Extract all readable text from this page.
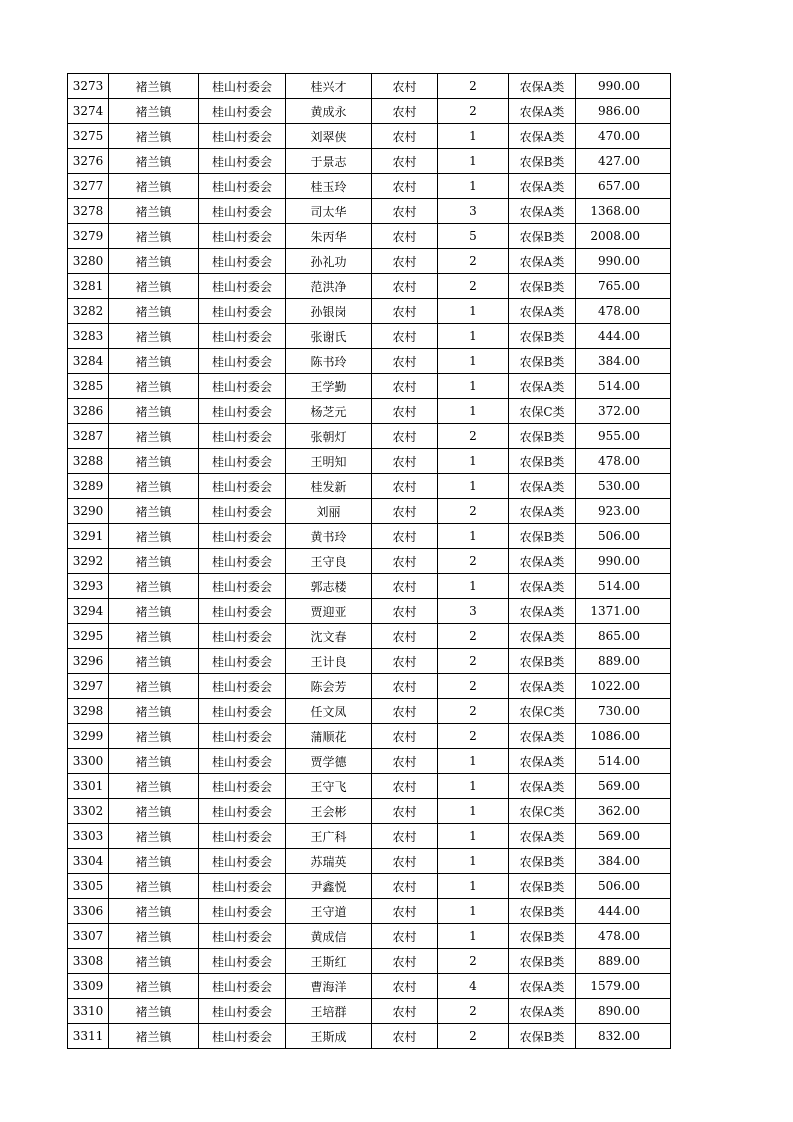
3273	褚兰镇	桂山村委会	桂兴才	农村	2	农保A类	990.00
3274	褚兰镇	桂山村委会	黄成永	农村	2	农保A类	986.00
3275	褚兰镇	桂山村委会	刘翠侠	农村	1	农保A类	470.00
3276	褚兰镇	桂山村委会	于景志	农村	1	农保B类	427.00
3277	褚兰镇	桂山村委会	桂玉玲	农村	1	农保A类	657.00
3278	褚兰镇	桂山村委会	司太华	农村	3	农保A类	1368.00
3279	褚兰镇	桂山村委会	朱丙华	农村	5	农保B类	2008.00
3280	褚兰镇	桂山村委会	孙礼功	农村	2	农保A类	990.00
3281	褚兰镇	桂山村委会	范洪净	农村	2	农保B类	765.00
3282	褚兰镇	桂山村委会	孙银岗	农村	1	农保A类	478.00
3283	褚兰镇	桂山村委会	张谢氏	农村	1	农保B类	444.00
3284	褚兰镇	桂山村委会	陈书玲	农村	1	农保B类	384.00
3285	褚兰镇	桂山村委会	王学勤	农村	1	农保A类	514.00
3286	褚兰镇	桂山村委会	杨芝元	农村	1	农保C类	372.00
3287	褚兰镇	桂山村委会	张朝灯	农村	2	农保B类	955.00
3288	褚兰镇	桂山村委会	王明知	农村	1	农保B类	478.00
3289	褚兰镇	桂山村委会	桂发新	农村	1	农保A类	530.00
3290	褚兰镇	桂山村委会	刘丽	农村	2	农保A类	923.00
3291	褚兰镇	桂山村委会	黄书玲	农村	1	农保B类	506.00
3292	褚兰镇	桂山村委会	王守良	农村	2	农保A类	990.00
3293	褚兰镇	桂山村委会	郭志楼	农村	1	农保A类	514.00
3294	褚兰镇	桂山村委会	贾迎亚	农村	3	农保A类	1371.00
3295	褚兰镇	桂山村委会	沈文春	农村	2	农保A类	865.00
3296	褚兰镇	桂山村委会	王计良	农村	2	农保B类	889.00
3297	褚兰镇	桂山村委会	陈会芳	农村	2	农保A类	1022.00
3298	褚兰镇	桂山村委会	任文凤	农村	2	农保C类	730.00
3299	褚兰镇	桂山村委会	蒲顺花	农村	2	农保A类	1086.00
3300	褚兰镇	桂山村委会	贾学德	农村	1	农保A类	514.00
3301	褚兰镇	桂山村委会	王守飞	农村	1	农保A类	569.00
3302	褚兰镇	桂山村委会	王会彬	农村	1	农保C类	362.00
3303	褚兰镇	桂山村委会	王广科	农村	1	农保A类	569.00
3304	褚兰镇	桂山村委会	苏瑞英	农村	1	农保B类	384.00
3305	褚兰镇	桂山村委会	尹鑫悦	农村	1	农保B类	506.00
3306	褚兰镇	桂山村委会	王守道	农村	1	农保B类	444.00
3307	褚兰镇	桂山村委会	黄成信	农村	1	农保B类	478.00
3308	褚兰镇	桂山村委会	王斯红	农村	2	农保B类	889.00
3309	褚兰镇	桂山村委会	曹海洋	农村	4	农保A类	1579.00
3310	褚兰镇	桂山村委会	王培群	农村	2	农保A类	890.00
3311	褚兰镇	桂山村委会	王斯成	农村	2	农保B类	832.00
